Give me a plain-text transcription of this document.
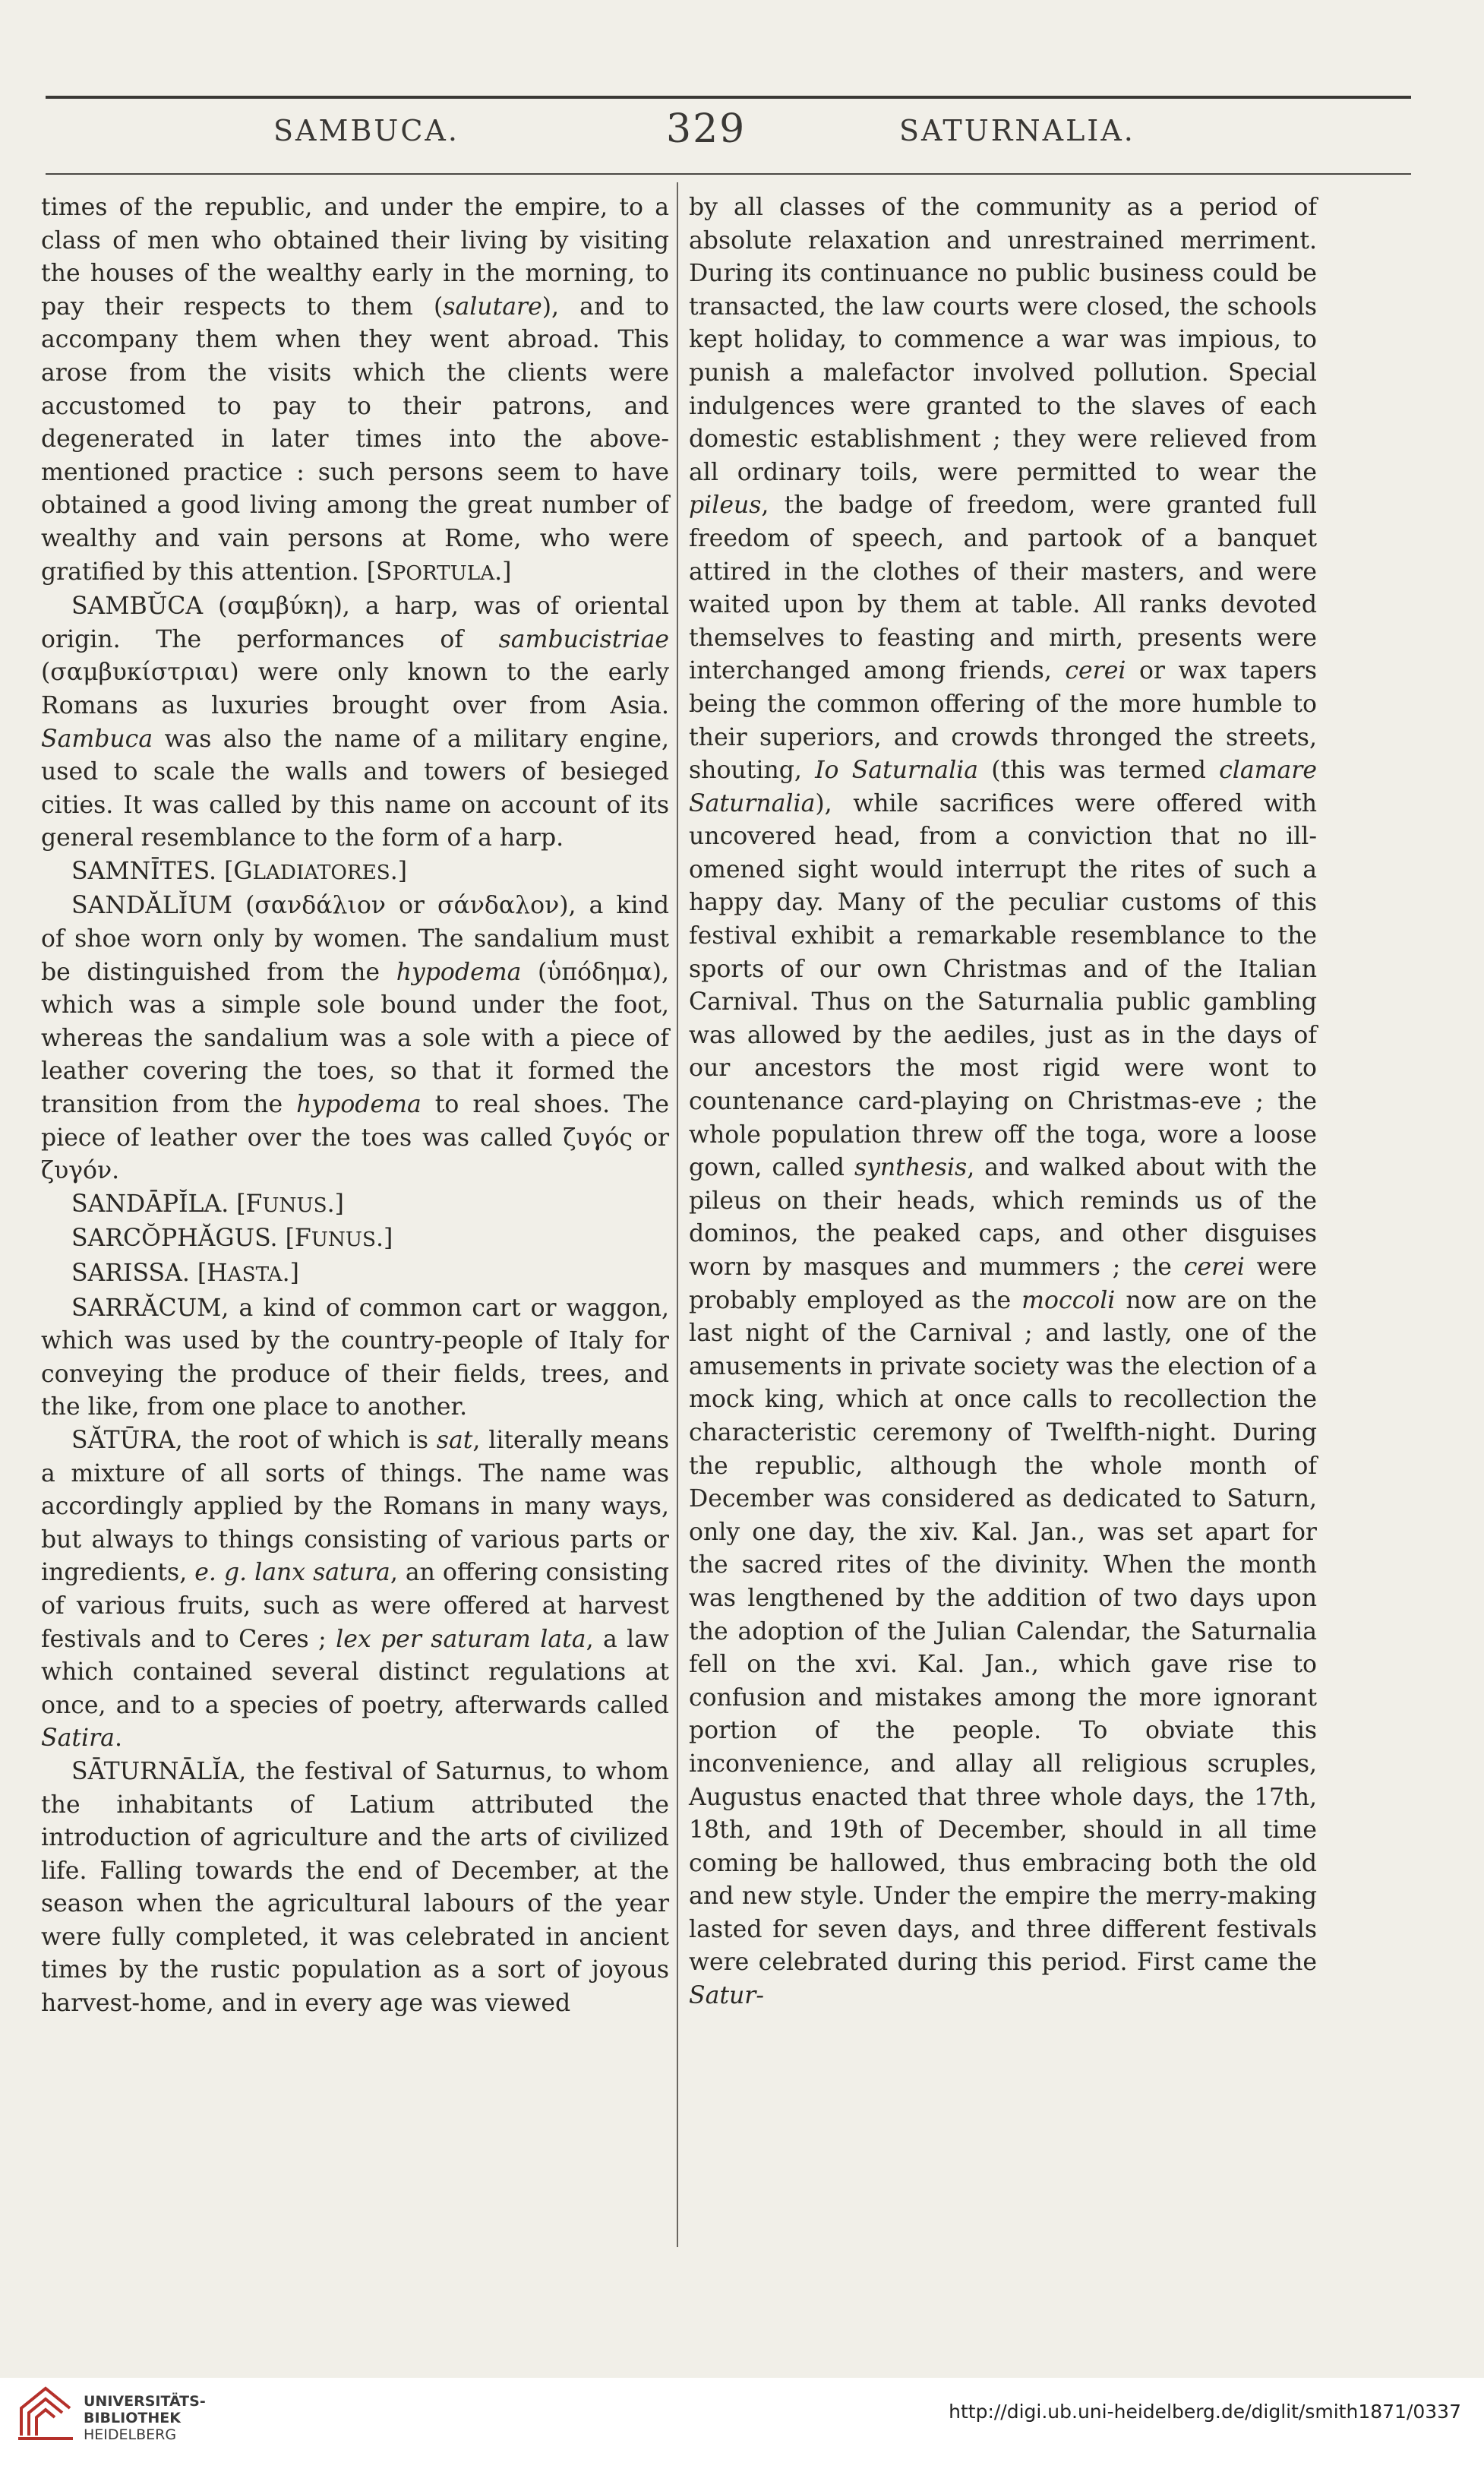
SAMBUCA.	329	SATURNALIA.

times of the republic, and under the empire, to a class of men who obtained their living by visiting the houses of the wealthy early in the morning, to pay their respects to them (salutare), and to accompany them when they went abroad. This arose from the visits which the clients were accustomed to pay to their patrons, and degenerated in later times into the above-mentioned practice : such persons seem to have obtained a good living among the great number of wealthy and vain persons at Rome, who were gratified by this attention. [SPORTULA.]

SAMBŬCA (σαμβύκη), a harp, was of oriental origin. The performances of sambucistriae (σαμβυκίστριαι) were only known to the early Romans as luxuries brought over from Asia. Sambuca was also the name of a military engine, used to scale the walls and towers of besieged cities. It was called by this name on account of its general resemblance to the form of a harp.

SAMNĪTES. [GLADIATORES.]

SANDĂLĬUM (σανδάλιον or σάνδαλον), a kind of shoe worn only by women. The sandalium must be distinguished from the hypodema (ὑπόδημα), which was a simple sole bound under the foot, whereas the sandalium was a sole with a piece of leather covering the toes, so that it formed the transition from the hypodema to real shoes. The piece of leather over the toes was called ζυγός or ζυγόν.

SANDĀPĬLA. [FUNUS.]

SARCŎPHĂGUS. [FUNUS.]

SARISSA. [HASTA.]

SARRĂCUM, a kind of common cart or waggon, which was used by the country-people of Italy for conveying the produce of their fields, trees, and the like, from one place to another.

SĂTŪRA, the root of which is sat, literally means a mixture of all sorts of things. The name was accordingly applied by the Romans in many ways, but always to things consisting of various parts or ingredients, e. g. lanx satura, an offering consisting of various fruits, such as were offered at harvest festivals and to Ceres ; lex per saturam lata, a law which contained several distinct regulations at once, and to a species of poetry, afterwards called Satira.

SĀTURNĀLĬA, the festival of Saturnus, to whom the inhabitants of Latium attributed the introduction of agriculture and the arts of civilized life. Falling towards the end of December, at the season when the agricultural labours of the year were fully completed, it was celebrated in ancient times by the rustic population as a sort of joyous harvest-home, and in every age was viewed

by all classes of the community as a period of absolute relaxation and unrestrained merriment. During its continuance no public business could be transacted, the law courts were closed, the schools kept holiday, to commence a war was impious, to punish a malefactor involved pollution. Special indulgences were granted to the slaves of each domestic establishment ; they were relieved from all ordinary toils, were permitted to wear the pileus, the badge of freedom, were granted full freedom of speech, and partook of a banquet attired in the clothes of their masters, and were waited upon by them at table. All ranks devoted themselves to feasting and mirth, presents were interchanged among friends, cerei or wax tapers being the common offering of the more humble to their superiors, and crowds thronged the streets, shouting, Io Saturnalia (this was termed clamare Saturnalia), while sacrifices were offered with uncovered head, from a conviction that no ill-omened sight would interrupt the rites of such a happy day. Many of the peculiar customs of this festival exhibit a remarkable resemblance to the sports of our own Christmas and of the Italian Carnival. Thus on the Saturnalia public gambling was allowed by the aediles, just as in the days of our ancestors the most rigid were wont to countenance card-playing on Christmas-eve ; the whole population threw off the toga, wore a loose gown, called synthesis, and walked about with the pileus on their heads, which reminds us of the dominos, the peaked caps, and other disguises worn by masques and mummers ; the cerei were probably employed as the moccoli now are on the last night of the Carnival ; and lastly, one of the amusements in private society was the election of a mock king, which at once calls to recollection the characteristic ceremony of Twelfth-night. During the republic, although the whole month of December was considered as dedicated to Saturn, only one day, the xiv. Kal. Jan., was set apart for the sacred rites of the divinity. When the month was lengthened by the addition of two days upon the adoption of the Julian Calendar, the Saturnalia fell on the xvi. Kal. Jan., which gave rise to confusion and mistakes among the more ignorant portion of the people. To obviate this inconvenience, and allay all religious scruples, Augustus enacted that three whole days, the 17th, 18th, and 19th of December, should in all time coming be hallowed, thus embracing both the old and new style. Under the empire the merry-making lasted for seven days, and three different festivals were celebrated during this period. First came the Satur-

UNIVERSITÄTS-
BIBLIOTHEK
HEIDELBERG
http://digi.ub.uni-heidelberg.de/diglit/smith1871/0337
